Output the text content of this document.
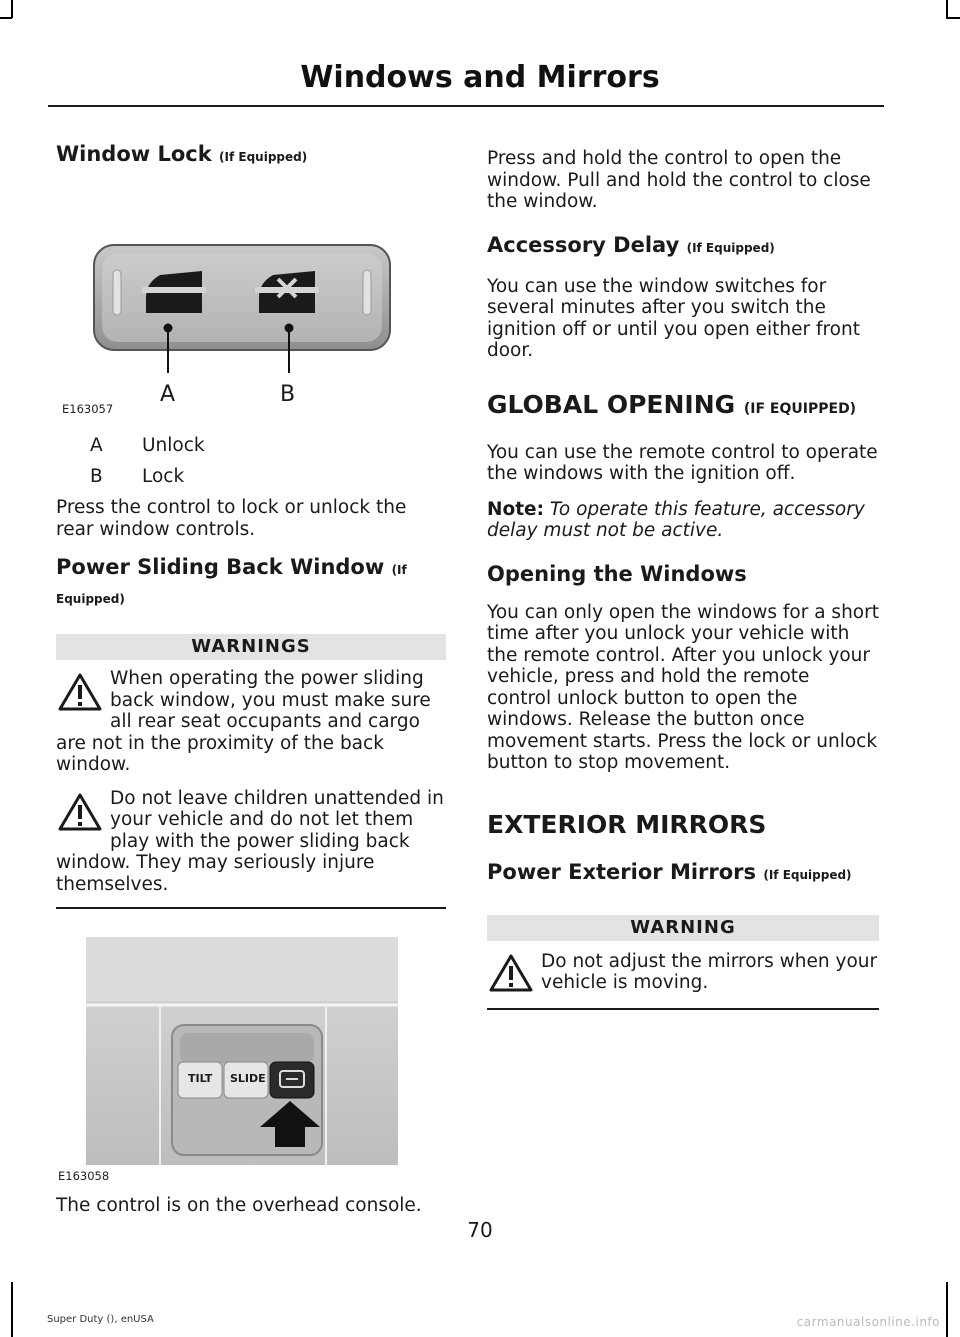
Windows and Mirrors
Window Lock (If Equipped)
A	B
E163057
A	Unlock
B	Lock
Press the control to lock or unlock the rear window controls.
Power Sliding Back Window (If
Equipped)
WARNINGS
When operating the power sliding back window, you must make sure all rear seat occupants and cargo are not in the proximity of the back window.
Do not leave children unattended in your vehicle and do not let them play with the power sliding back window. They may seriously injure themselves.
TILT SLIDE
E163058
The control is on the overhead console.
Press and hold the control to open the window. Pull and hold the control to close the window.
Accessory Delay (If Equipped)
You can use the window switches for several minutes after you switch the ignition off or until you open either front door.
GLOBAL OPENING (IF EQUIPPED)
You can use the remote control to operate the windows with the ignition off.
Note: To operate this feature, accessory delay must not be active.
Opening the Windows
You can only open the windows for a short time after you unlock your vehicle with the remote control. After you unlock your vehicle, press and hold the remote control unlock button to open the windows. Release the button once movement starts. Press the lock or unlock button to stop movement.
EXTERIOR MIRRORS
Power Exterior Mirrors (If Equipped)
WARNING
Do not adjust the mirrors when your vehicle is moving.
70
Super Duty (), enUSA	carmanualsonline.info
